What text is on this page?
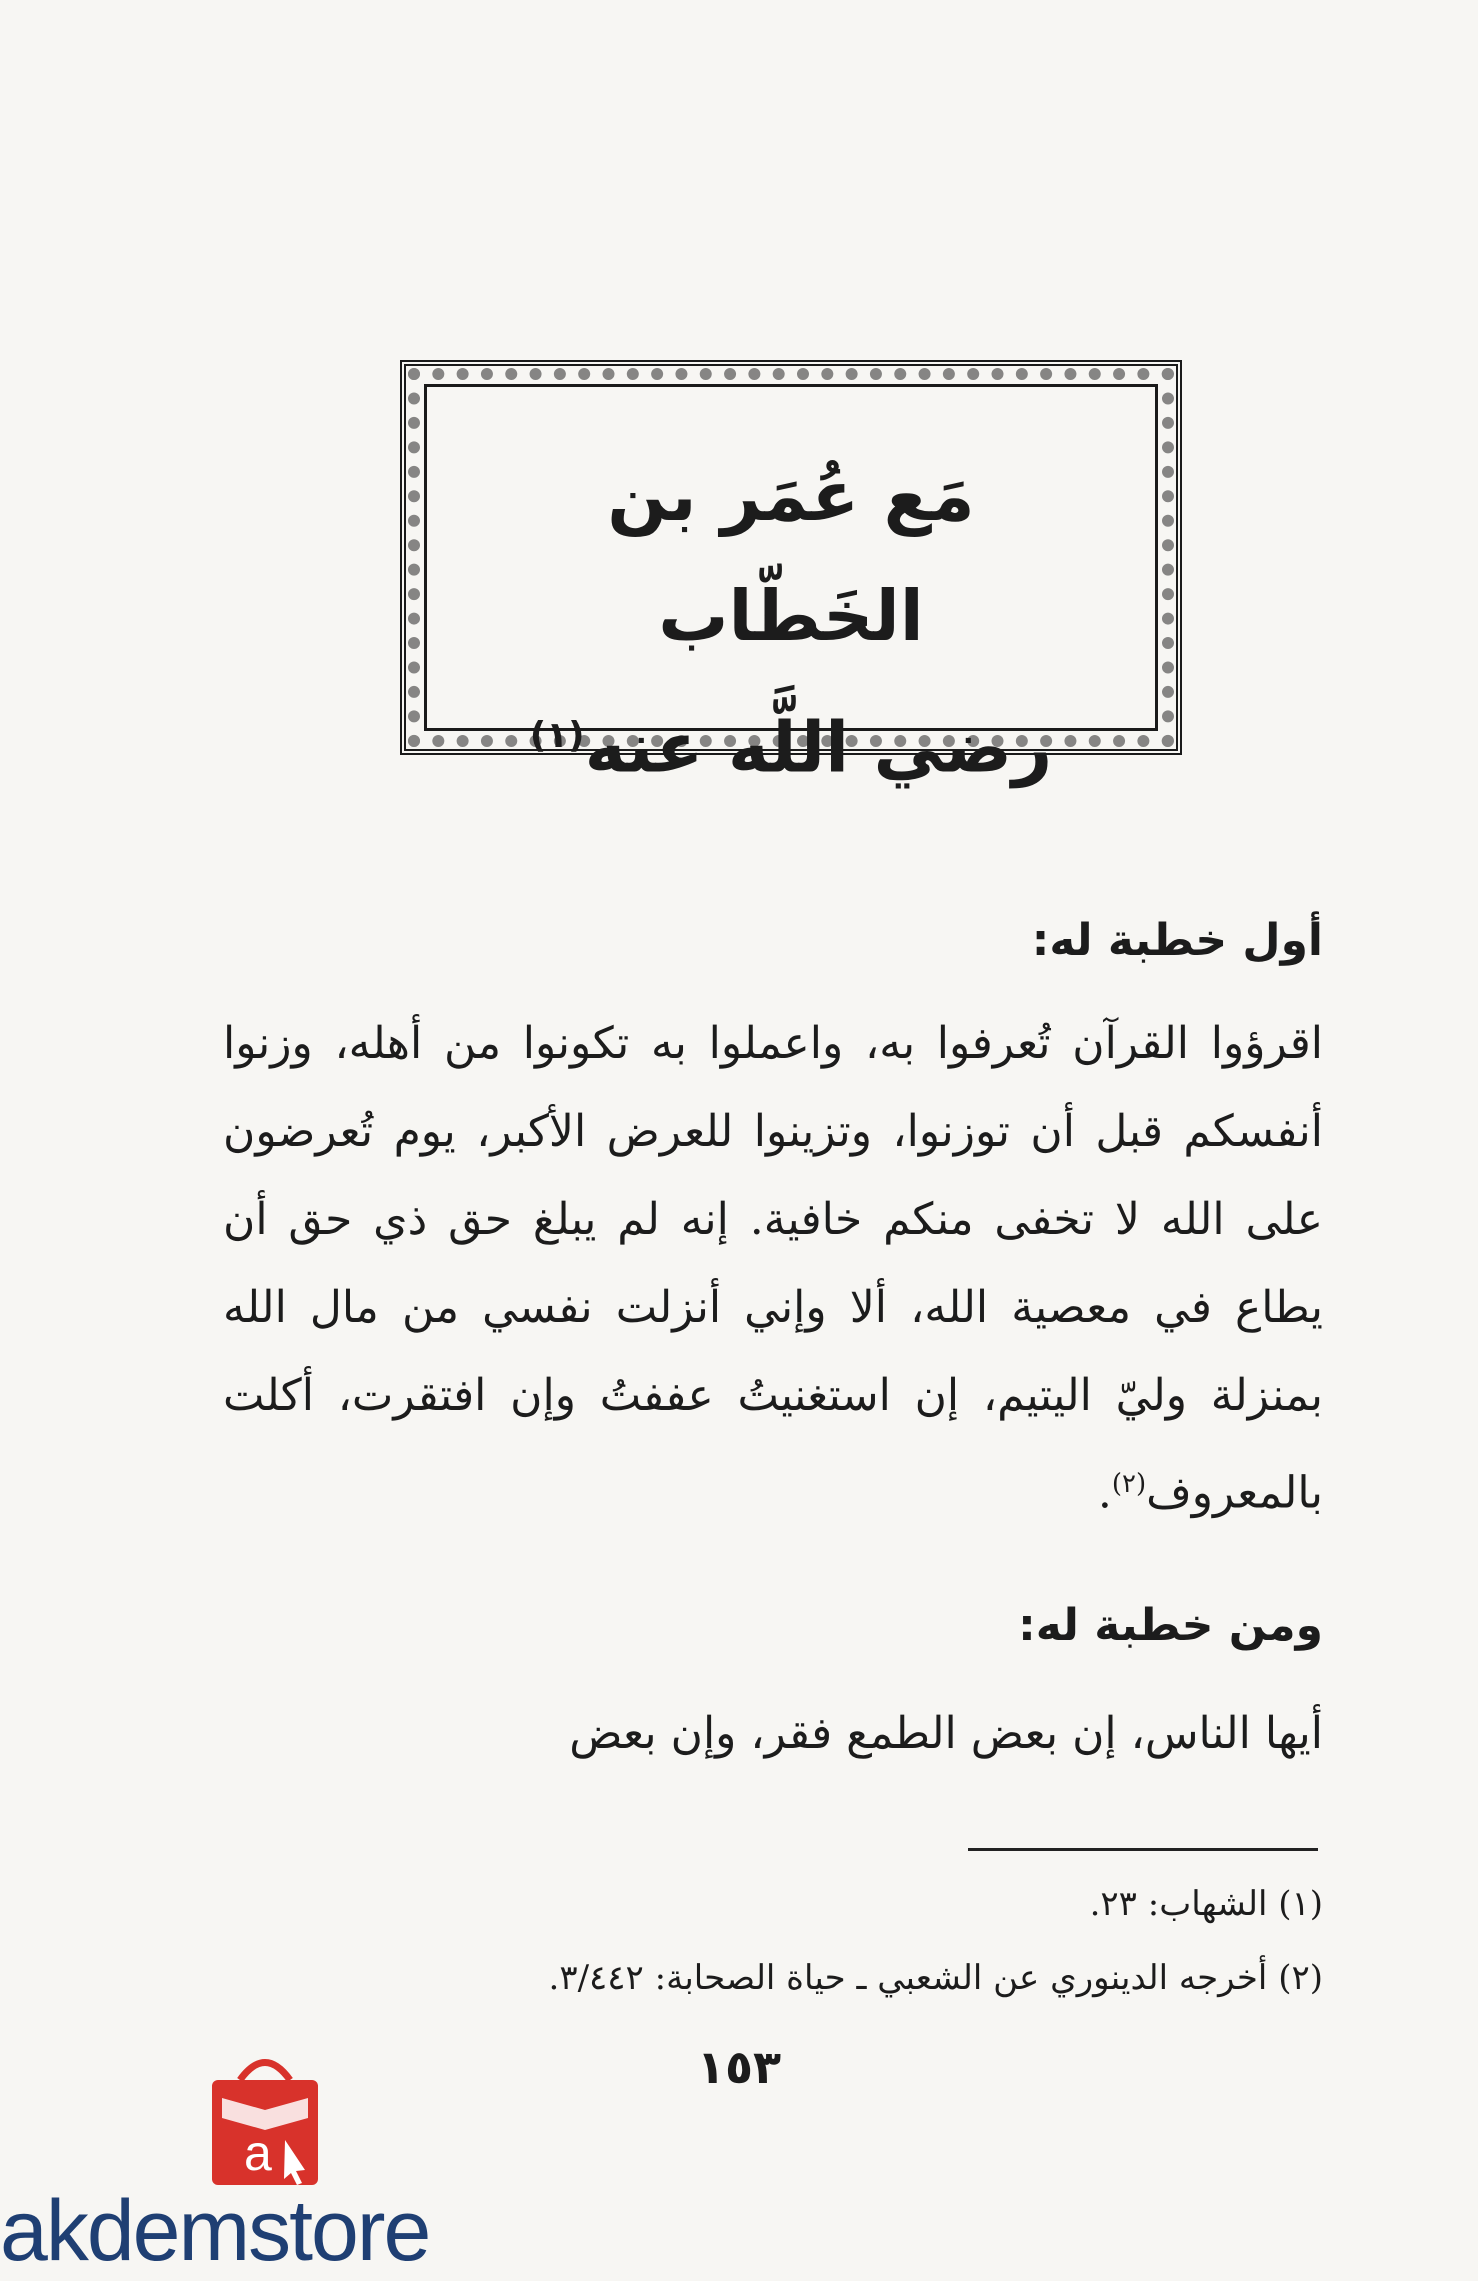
مَع عُمَر بن الخَطّاب
رضي اللَّه عنه$^{(١)}$
أول خطبة له:
اقرؤوا القرآن تُعرفوا به، واعملوا به تكونوا من أهله، وزنوا أنفسكم قبل أن توزنوا، وتزينوا للعرض الأكبر، يوم تُعرضون على الله لا تخفى منكم خافية. إنه لم يبلغ حق ذي حق أن يطاع في معصية الله، ألا وإني أنزلت نفسي من مال الله بمنزلة وليّ اليتيم، إن استغنيتُ عففتُ وإن افتقرت، أكلت بالمعروف$^{(٢)}$.
ومن خطبة له:
أيها الناس، إن بعض الطمع فقر، وإن بعض
(١) الشهاب: ٢٣.
(٢) أخرجه الدينوري عن الشعبي ـ حياة الصحابة: ٣/٤٤٢.
١٥٣
a
akdemstore
